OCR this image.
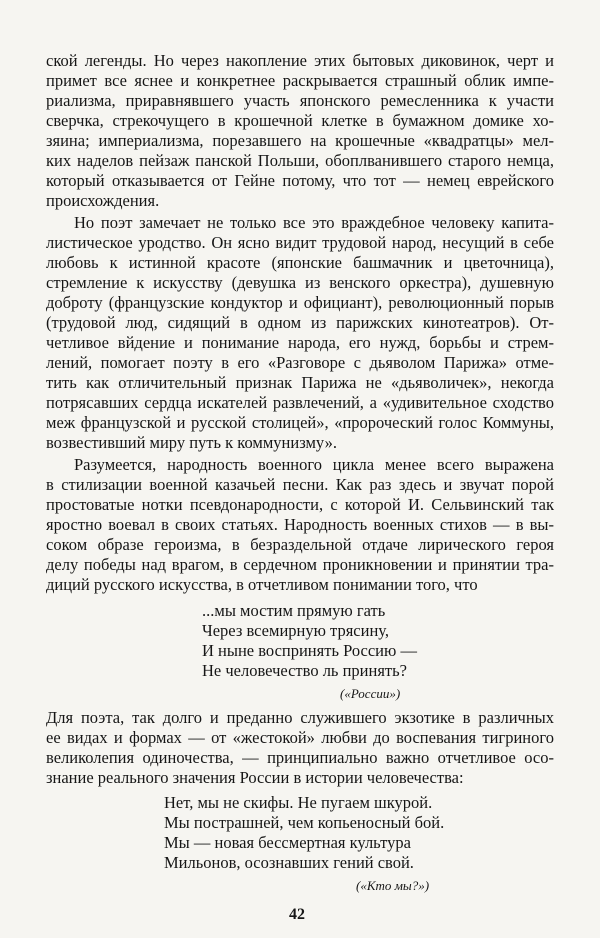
ской легенды. Но через накопление этих бытовых диковинок, черт и
примет все яснее и конкретнее раскрывается страшный облик импе-
риализма, приравнявшего участь японского ремесленника к участи
сверчка, стрекочущего в крошечной клетке в бумажном домике хо-
зяина; империализма, порезавшего на крошечные «квадратцы» мел-
ких наделов пейзаж панской Польши, обоплванившего старого немца,
который отказывается от Гейне потому, что тот — немец еврейского
происхождения.
Но поэт замечает не только все это враждебное человеку капита-
листическое уродство. Он ясно видит трудовой народ, несущий в себе
любовь к истинной красоте (японские башмачник и цветочница),
стремление к искусству (девушка из венского оркестра), душевную
доброту (французские кондуктор и официант), революционный порыв
(трудовой люд, сидящий в одном из парижских кинотеатров). От-
четливое вйдение и понимание народа, его нужд, борьбы и стрем-
лений, помогает поэту в его «Разговоре с дьяволом Парижа» отме-
тить как отличительный признак Парижа не «дьяволичек», некогда
потрясавших сердца искателей развлечений, а «удивительное сходство
меж французской и русской столицей», «пророческий голос Коммуны,
возвестивший миру путь к коммунизму».
Разумеется, народность военного цикла менее всего выражена
в стилизации военной казачьей песни. Как раз здесь и звучат порой
простоватые нотки псевдонародности, с которой И. Сельвинский так
яростно воевал в своих статьях. Народность военных стихов — в вы-
соком образе героизма, в безраздельной отдаче лирического героя
делу победы над врагом, в сердечном проникновении и принятии тра-
диций русского искусства, в отчетливом понимании того, что
...мы мостим прямую гать
Через всемирную трясину,
И ныне воспринять Россию —
Не человечество ль принять?
(«России»)
Для поэта, так долго и преданно служившего экзотике в различных
ее видах и формах — от «жестокой» любви до воспевания тигриного
великолепия одиночества, — принципиально важно отчетливое осо-
знание реального значения России в истории человечества:
Нет, мы не скифы. Не пугаем шкурой.
Мы пострашней, чем копьеносный бой.
Мы — новая бессмертная культура
Мильонов, осознавших гений свой.
(«Кто мы?»)
42
